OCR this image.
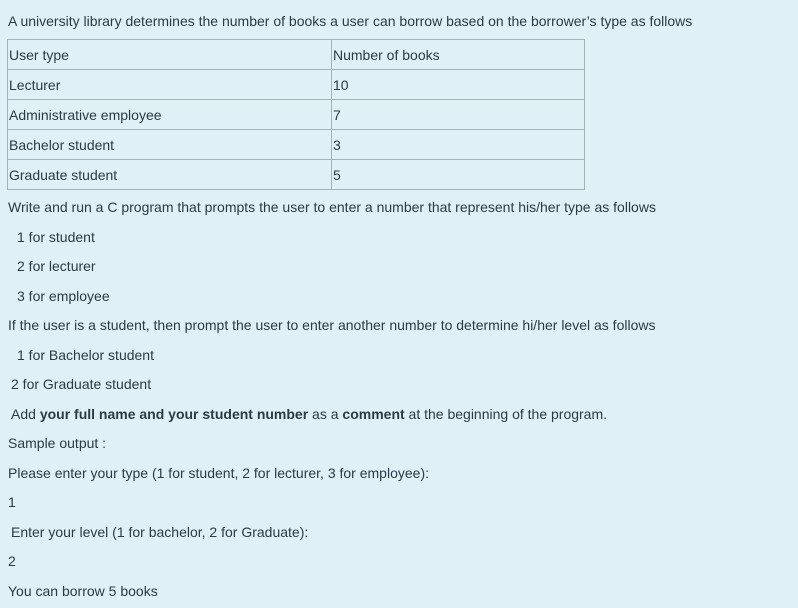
A university library determines the number of books a user can borrow based on the borrower’s type as follows
User type	Number of books
Lecturer	10
Administrative employee	7
Bachelor student	3
Graduate student	5
Write and run a C program that prompts the user to enter a number that represent his/her type as follows
1 for student
2 for lecturer
3 for employee
If the user is a student, then prompt the user to enter another number to determine hi/her level as follows
1 for Bachelor student
2 for Graduate student
Add your full name and your student number as a comment at the beginning of the program.
Sample output :
Please enter your type (1 for student, 2 for lecturer, 3 for employee):
1
Enter your level (1 for bachelor, 2 for Graduate):
2
You can borrow 5 books
